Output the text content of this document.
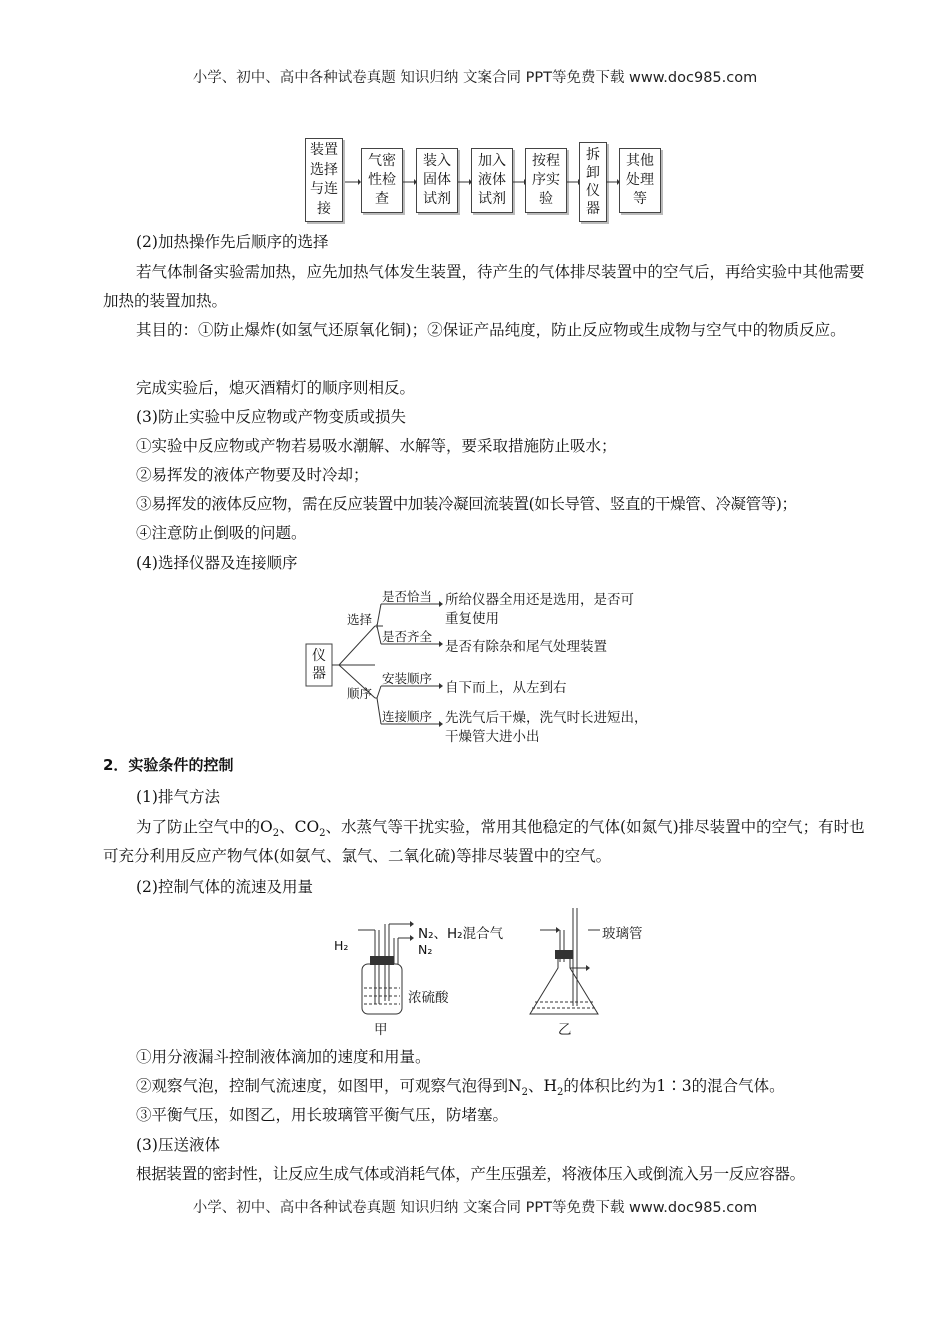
小学、初中、高中各种试卷真题 知识归纳 文案合同 PPT等免费下载 www.doc985.com
装置选择与连接
气密性检查
装入固体试剂
加入液体试剂
按程序实验
拆卸仪器
其他处理等
(2)加热操作先后顺序的选择
若气体制备实验需加热，应先加热气体发生装置，待产生的气体排尽装置中的空气后，再给实验中其他需要加热的装置加热。
其目的：①防止爆炸(如氢气还原氧化铜)；②保证产品纯度，防止反应物或生成物与空气中的物质反应。
完成实验后，熄灭酒精灯的顺序则相反。
(3)防止实验中反应物或产物变质或损失
①实验中反应物或产物若易吸水潮解、水解等，要采取措施防止吸水；
②易挥发的液体产物要及时冷却；
③易挥发的液体反应物，需在反应装置中加装冷凝回流装置(如长导管、竖直的干燥管、冷凝管等)；
④注意防止倒吸的问题。
(4)选择仪器及连接顺序
仪器
选择
顺序
是否恰当 所给仪器全用还是选用，是否可
重复使用
是否齐全
是否有除杂和尾气处理装置
安装顺序
自下而上，从左到右
连接顺序 先洗气后干燥，洗气时长进短出，
干燥管大进小出
2．实验条件的控制
(1)排气方法
为了防止空气中的$O_2$、$CO_2$、水蒸气等干扰实验，常用其他稳定的气体(如氮气)排尽装置中的空气；有时也可充分利用反应产物气体(如氨气、氯气、二氧化硫)等排尽装置中的空气。
(2)控制气体的流速及用量
H₂
N₂、H₂混合气
N₂
浓硫酸
甲
玻璃管
乙
①用分液漏斗控制液体滴加的速度和用量。
②观察气泡，控制气流速度，如图甲，可观察气泡得到$N_2$、$H_2$的体积比约为1∶3的混合气体。
③平衡气压，如图乙，用长玻璃管平衡气压，防堵塞。
(3)压送液体
根据装置的密封性，让反应生成气体或消耗气体，产生压强差，将液体压入或倒流入另一反应容器。
小学、初中、高中各种试卷真题 知识归纳 文案合同 PPT等免费下载 www.doc985.com
